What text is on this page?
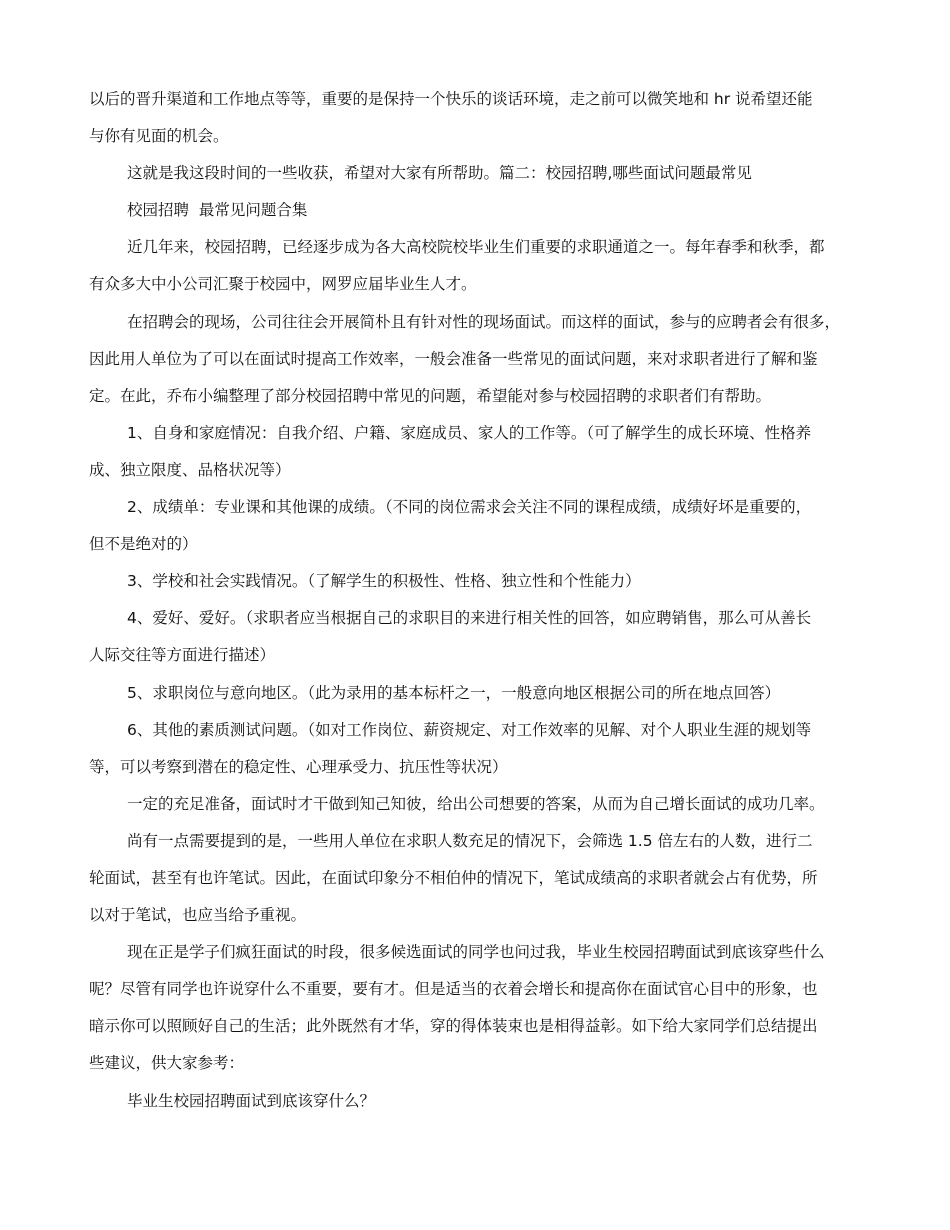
以后的晋升渠道和工作地点等等，重要的是保持一个快乐的谈话环境，走之前可以微笑地和 hr 说希望还能
与你有见面的机会。
这就是我这段时间的一些收获，希望对大家有所帮助。篇二：校园招聘,哪些面试问题最常见
校园招聘  最常见问题合集
近几年来，校园招聘，已经逐步成为各大高校院校毕业生们重要的求职通道之一。每年春季和秋季，都
有众多大中小公司汇聚于校园中，网罗应届毕业生人才。
在招聘会的现场，公司往往会开展简朴且有针对性的现场面试。而这样的面试，参与的应聘者会有很多，
因此用人单位为了可以在面试时提高工作效率，一般会准备一些常见的面试问题，来对求职者进行了解和鉴
定。在此，乔布小编整理了部分校园招聘中常见的问题，希望能对参与校园招聘的求职者们有帮助。
1、自身和家庭情况：自我介绍、户籍、家庭成员、家人的工作等。（可了解学生的成长环境、性格养
成、独立限度、品格状况等）
2、成绩单：专业课和其他课的成绩。（不同的岗位需求会关注不同的课程成绩，成绩好坏是重要的，
但不是绝对的）
3、学校和社会实践情况。（了解学生的积极性、性格、独立性和个性能力）
4、爱好、爱好。（求职者应当根据自己的求职目的来进行相关性的回答，如应聘销售，那么可从善长
人际交往等方面进行描述）
5、求职岗位与意向地区。（此为录用的基本标杆之一，一般意向地区根据公司的所在地点回答）
6、其他的素质测试问题。（如对工作岗位、薪资规定、对工作效率的见解、对个人职业生涯的规划等
等，可以考察到潜在的稳定性、心理承受力、抗压性等状况）
一定的充足准备，面试时才干做到知己知彼，给出公司想要的答案，从而为自己增长面试的成功几率。
尚有一点需要提到的是，一些用人单位在求职人数充足的情况下，会筛选 1.5 倍左右的人数，进行二
轮面试，甚至有也许笔试。因此，在面试印象分不相伯仲的情况下，笔试成绩高的求职者就会占有优势，所
以对于笔试，也应当给予重视。
现在正是学子们疯狂面试的时段，很多候选面试的同学也问过我，毕业生校园招聘面试到底该穿些什么
呢？尽管有同学也许说穿什么不重要，要有才。但是适当的衣着会增长和提高你在面试官心目中的形象，也
暗示你可以照顾好自己的生活；此外既然有才华，穿的得体装束也是相得益彰。如下给大家同学们总结提出
些建议，供大家参考：
毕业生校园招聘面试到底该穿什么？
